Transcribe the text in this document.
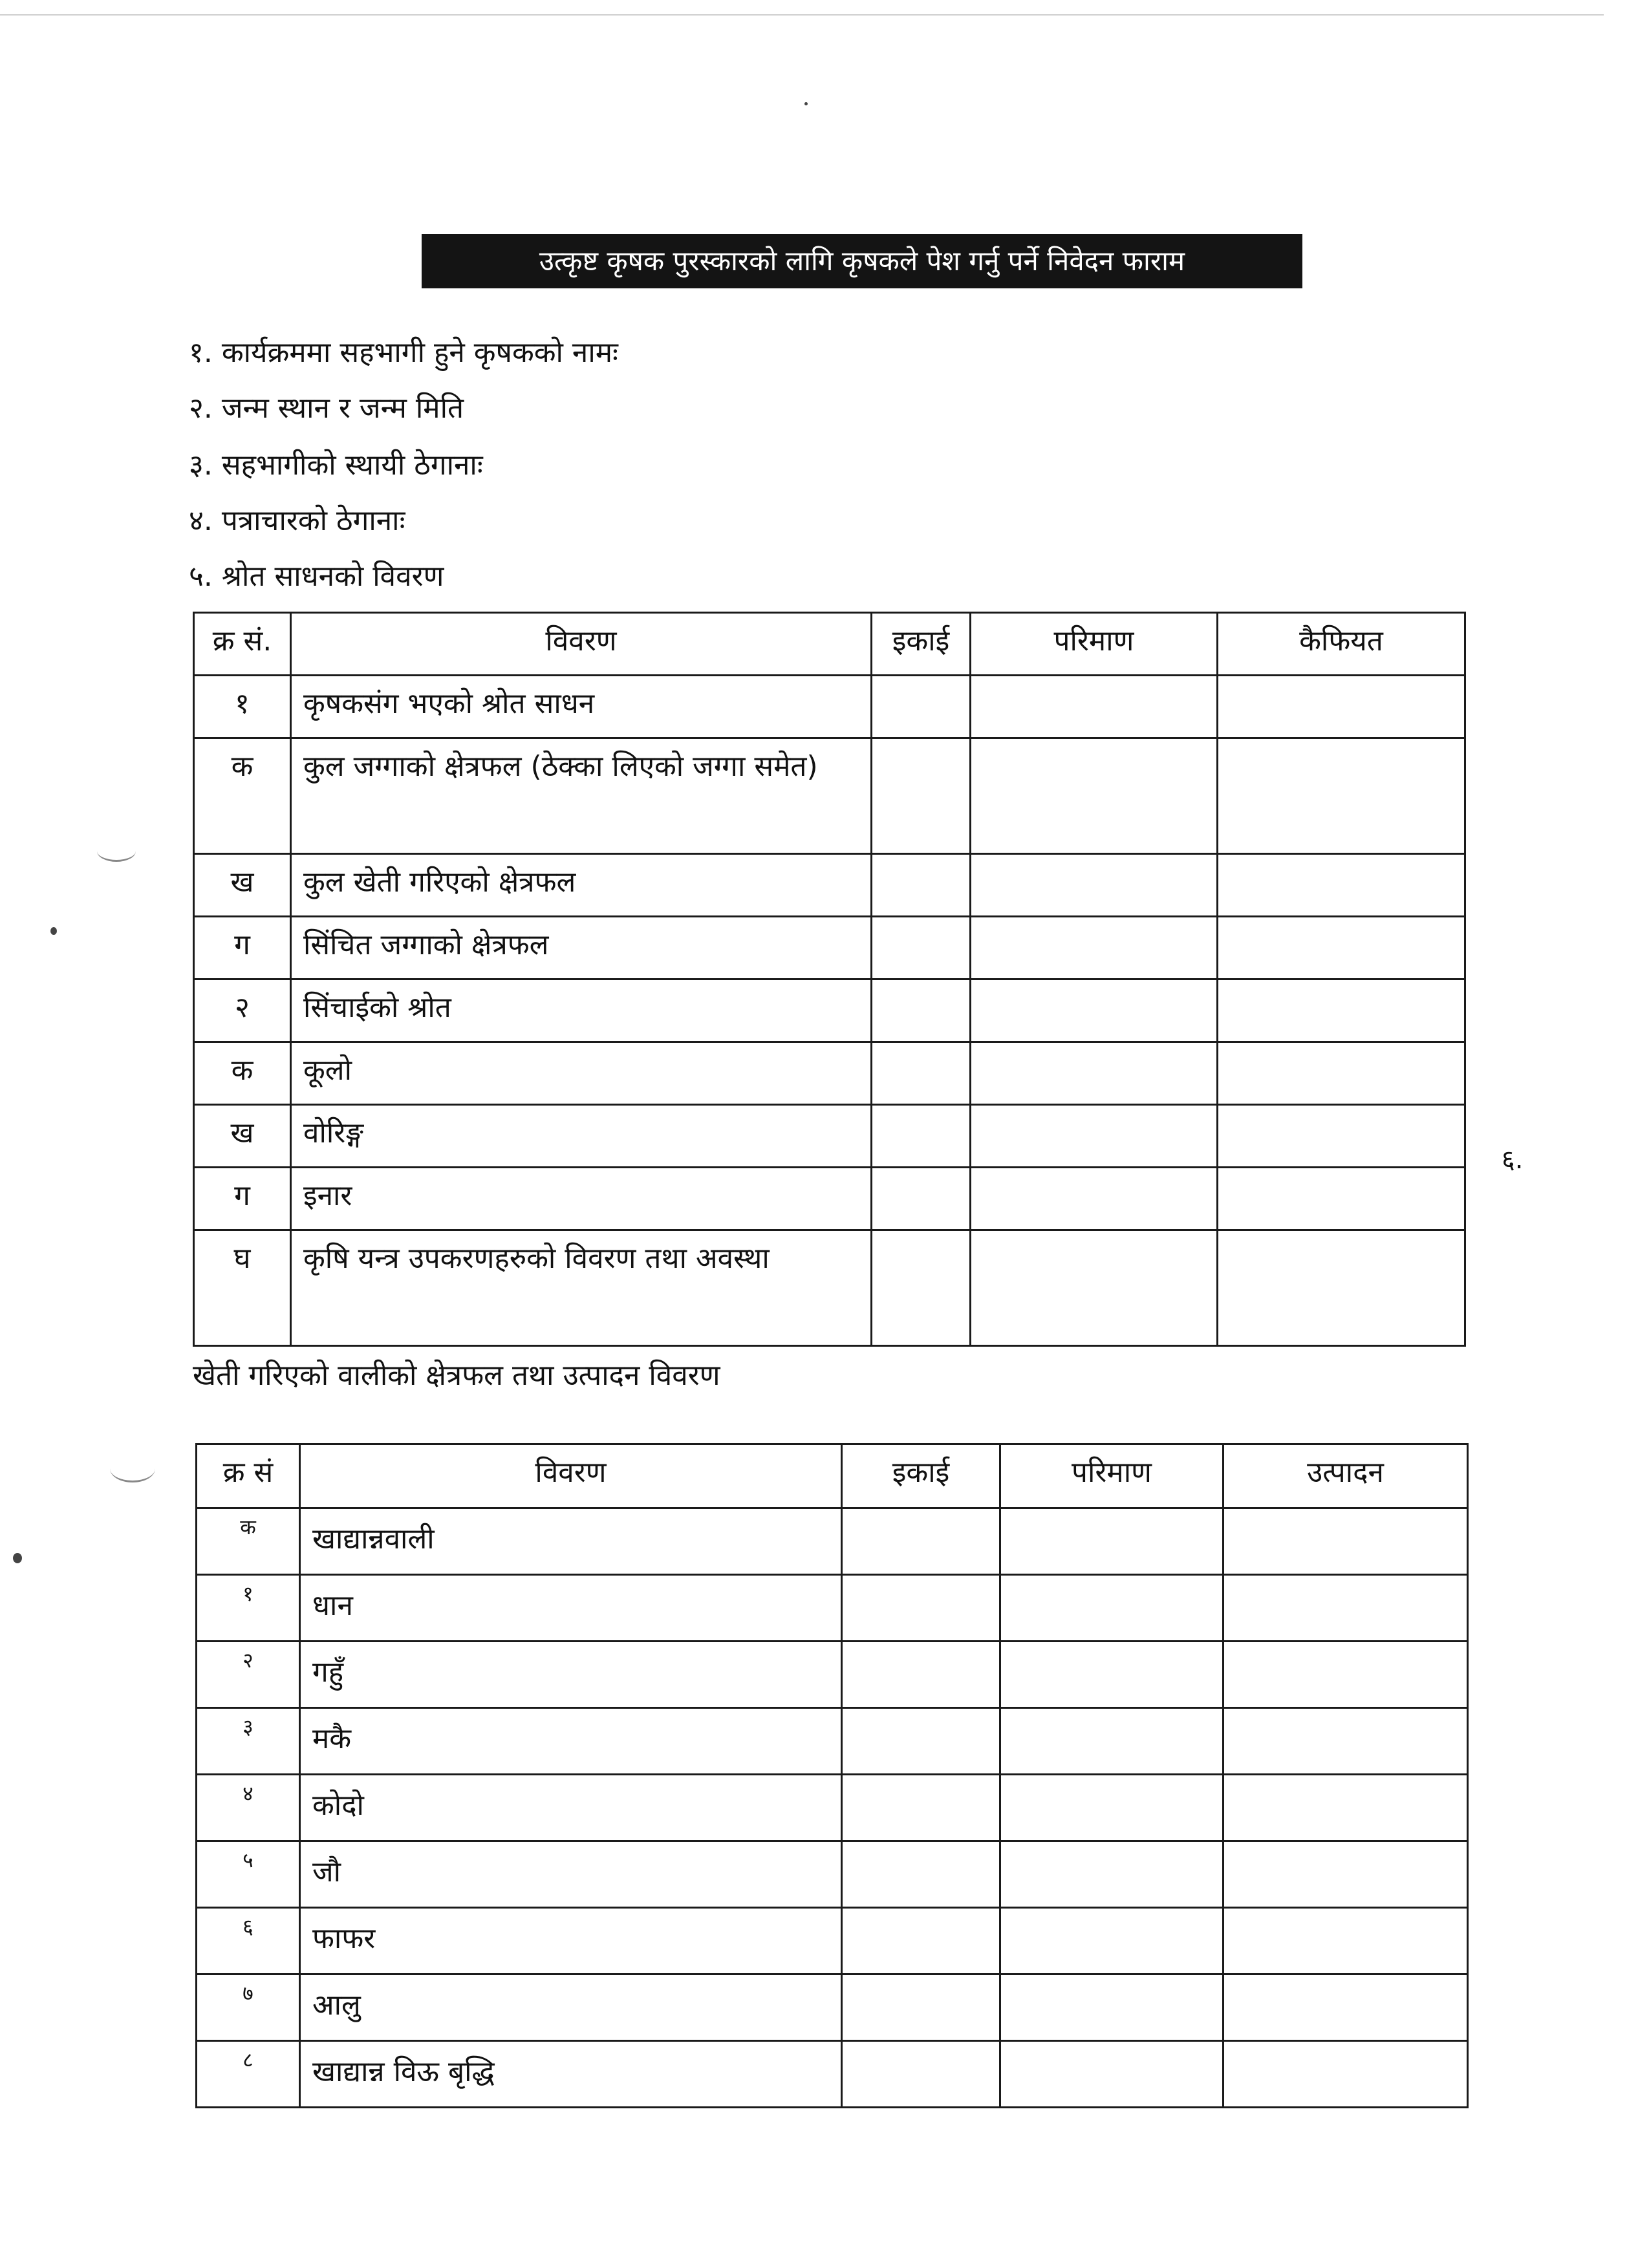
उत्कृष्ट कृषक पुरस्कारको लागि कृषकले पेश गर्नु पर्ने निवेदन फाराम
१. कार्यक्रममा सहभागी हुने कृषकको नामः
२. जन्म स्थान र जन्म मिति
३. सहभागीको स्थायी ठेगानाः
४. पत्राचारको ठेगानाः
५. श्रोत साधनको विवरण
क्र सं.	विवरण	इकाई	परिमाण	कैफियत
१	कृषकसंग भएको श्रोत साधन			
क	कुल जग्गाको क्षेत्रफल (ठेक्का लिएको जग्गा समेत)			
ख	कुल खेती गरिएको क्षेत्रफल			
ग	सिंचित जग्गाको क्षेत्रफल			
२	सिंचाईको श्रोत			
क	कूलो			
ख	वोरिङ्ग			
ग	इनार			
घ	कृषि यन्त्र उपकरणहरुको विवरण तथा अवस्था			
६.
खेती गरिएको वालीको क्षेत्रफल तथा उत्पादन विवरण
क्र सं	विवरण	इकाई	परिमाण	उत्पादन
क	खाद्यान्नवाली			
१	धान			
२	गहुँ			
३	मकै			
४	कोदो			
५	जौ			
६	फाफर			
७	आलु			
८	खाद्यान्न विऊ बृद्धि			
